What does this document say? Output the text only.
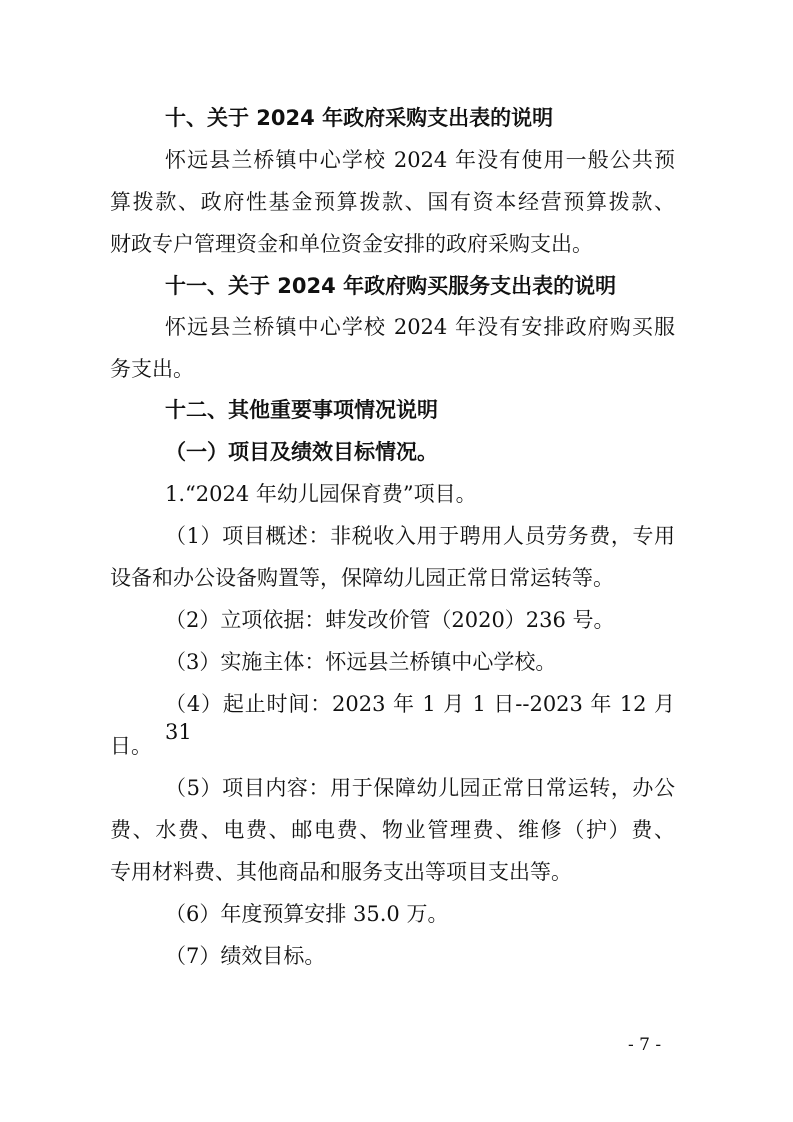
十、关于 2024 年政府采购支出表的说明
怀远县兰桥镇中心学校 2024 年没有使用一般公共预
算拨款、政府性基金预算拨款、国有资本经营预算拨款、
财政专户管理资金和单位资金安排的政府采购支出。
十一、关于 2024 年政府购买服务支出表的说明
怀远县兰桥镇中心学校 2024 年没有安排政府购买服
务支出。
十二、其他重要事项情况说明
（一）项目及绩效目标情况。
1.“2024 年幼儿园保育费”项目。
（1）项目概述：非税收入用于聘用人员劳务费，专用
设备和办公设备购置等，保障幼儿园正常日常运转等。
（2）立项依据：蚌发改价管（2020）236 号。
（3）实施主体：怀远县兰桥镇中心学校。
（4）起止时间：2023 年 1 月 1 日--2023 年 12 月 31
日。
（5）项目内容：用于保障幼儿园正常日常运转，办公
费、水费、电费、邮电费、物业管理费、维修（护）费、
专用材料费、其他商品和服务支出等项目支出等。
（6）年度预算安排 35.0 万。
（7）绩效目标。
- 7 -
